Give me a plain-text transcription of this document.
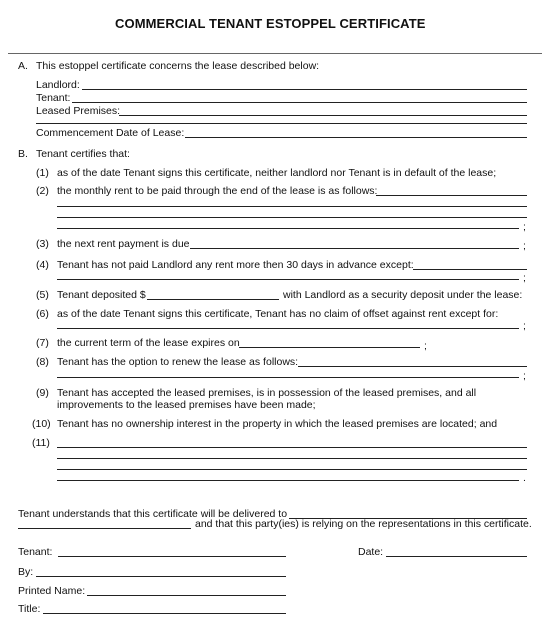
COMMERCIAL TENANT ESTOPPEL CERTIFICATE
A. This estoppel certificate concerns the lease described below:
Landlord:
Tenant:
Leased Premises:
Commencement Date of Lease:
B. Tenant certifies that:
(1) as of the date Tenant signs this certificate, neither landlord nor Tenant is in default of the lease;
(2) the monthly rent to be paid through the end of the lease is as follows:
;
(3) the next rent payment is due	;
(4) Tenant has not paid Landlord any rent more then 30 days in advance except:
;
(5) Tenant deposited $	with Landlord as a security deposit under the lease:
(6) as of the date Tenant signs this certificate, Tenant has no claim of offset against rent except for:
;
(7) the current term of the lease expires on	;
(8) Tenant has the option to renew the lease as follows:
;
(9) Tenant has accepted the leased premises, is in possession of the leased premises, and all
improvements to the leased premises have been made;
(10) Tenant has no ownership interest in the property in which the leased premises are located; and
(11)
.
Tenant understands that this certificate will be delivered to
and that this party(ies) is relying on the representations in this certificate.
Tenant:	Date:
By:
Printed Name:
Title:
